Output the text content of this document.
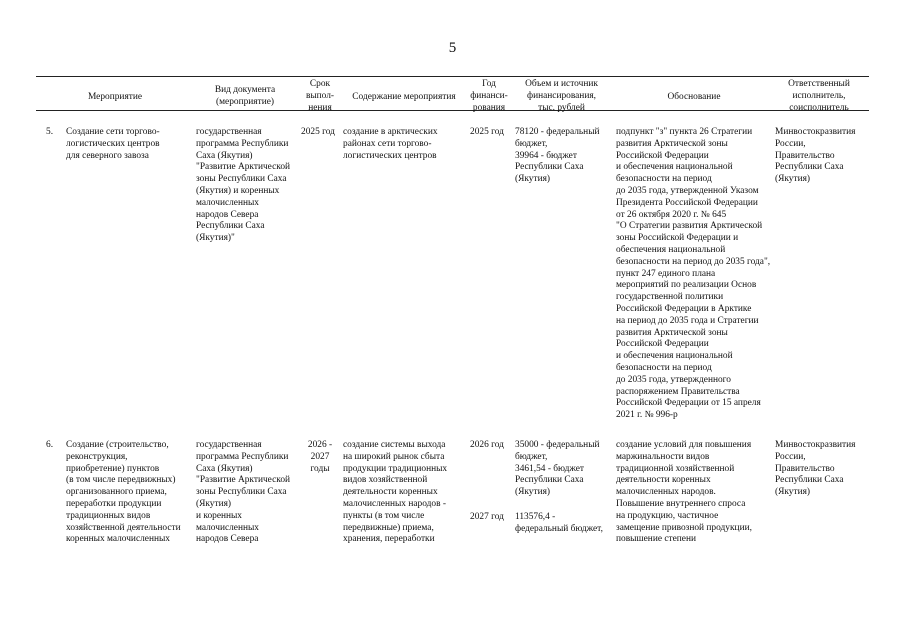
5
Мероприятие
Вид документа
(мероприятие)
Срок
выпол-
нения
Содержание мероприятия
Год
финанси-
рования
Объем и источник
финансирования,
тыс. рублей
Обоснование
Ответственный
исполнитель,
соисполнитель
5. Создание сети торгово-
логистических центров
для северного завоза
государственная
программа Республики
Саха (Якутия)
"Развитие Арктической
зоны Республики Саха
(Якутия) и коренных
малочисленных
народов Севера
Республики Саха
(Якутия)"
2025 год создание в арктических
районах сети торгово-
логистических центров
2025 год 78120 - федеральный
бюджет,
39964 - бюджет
Республики Саха
(Якутия)
подпункт "з" пункта 26 Стратегии
развития Арктической зоны
Российской Федерации
и обеспечения национальной
безопасности на период
до 2035 года, утвержденной Указом
Президента Российской Федерации
от 26 октября 2020 г. № 645
"О Стратегии развития Арктической
зоны Российской Федерации и
обеспечения национальной
безопасности на период до 2035 года",
пункт 247 единого плана
мероприятий по реализации Основ
государственной политики
Российской Федерации в Арктике
на период до 2035 года и Стратегии
развития Арктической зоны
Российской Федерации
и обеспечения национальной
безопасности на период
до 2035 года, утвержденного
распоряжением Правительства
Российской Федерации от 15 апреля
2021 г. № 996-р
Минвостокразвития
России,
Правительство
Республики Саха
(Якутия)
6. Создание (строительство,
реконструкция,
приобретение) пунктов
(в том числе передвижных)
организованного приема,
переработки продукции
традиционных видов
хозяйственной деятельности
коренных малочисленных
государственная
программа Республики
Саха (Якутия)
"Развитие Арктической
зоны Республики Саха
(Якутия)
и коренных
малочисленных
народов Севера
2026 -
2027
годы
создание системы выхода
на широкий рынок сбыта
продукции традиционных
видов хозяйственной
деятельности коренных
малочисленных народов -
пункты (в том числе
передвижные) приема,
хранения, переработки
2026 год
2027 год
35000 - федеральный
бюджет,
3461,54 - бюджет
Республики Саха
(Якутия)
113576,4 -
федеральный бюджет,
создание условий для повышения
маржинальности видов
традиционной хозяйственной
деятельности коренных
малочисленных народов.
Повышение внутреннего спроса
на продукцию, частичное
замещение привозной продукции,
повышение степени
Минвостокразвития
России,
Правительство
Республики Саха
(Якутия)
